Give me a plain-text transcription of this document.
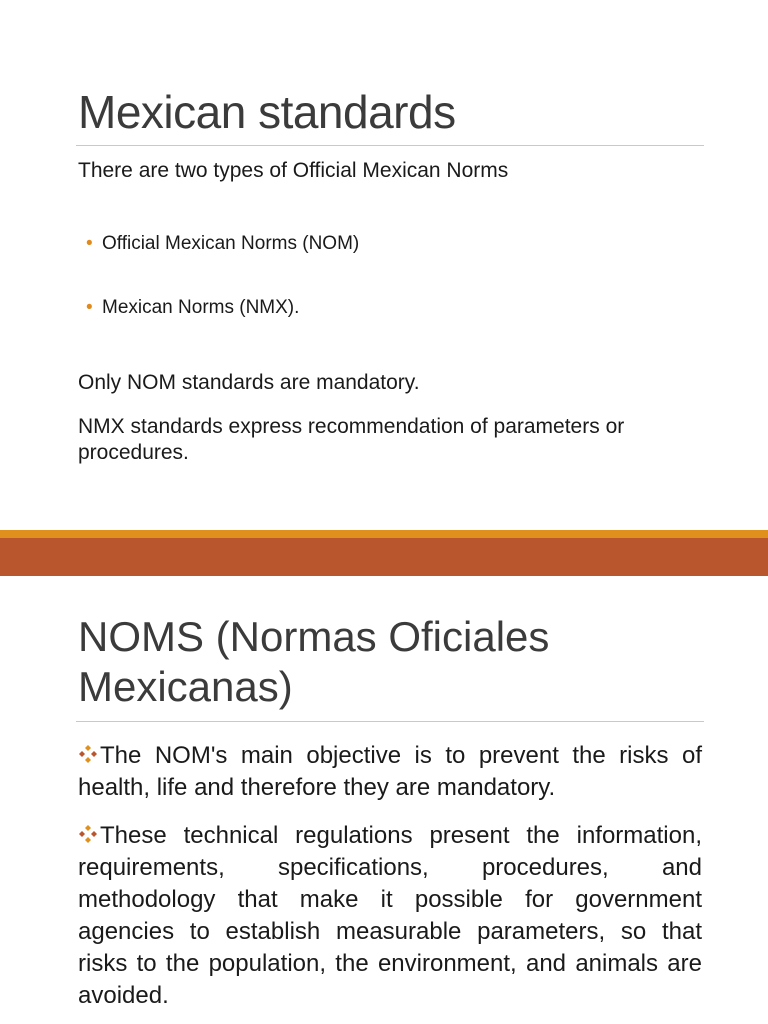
Mexican standards

There are two types of Official Mexican Norms

• Official Mexican Norms (NOM)
• Mexican Norms (NMX).

Only NOM standards are mandatory.

NMX standards express recommendation of parameters or procedures.

NOMS (Normas Oficiales Mexicanas)
The NOM's main objective is to prevent the risks of health, life and therefore they are mandatory.
These technical regulations present the information, requirements, specifications, procedures, and methodology that make it possible for government agencies to establish measurable parameters, so that risks to the population, the environment, and animals are avoided.
